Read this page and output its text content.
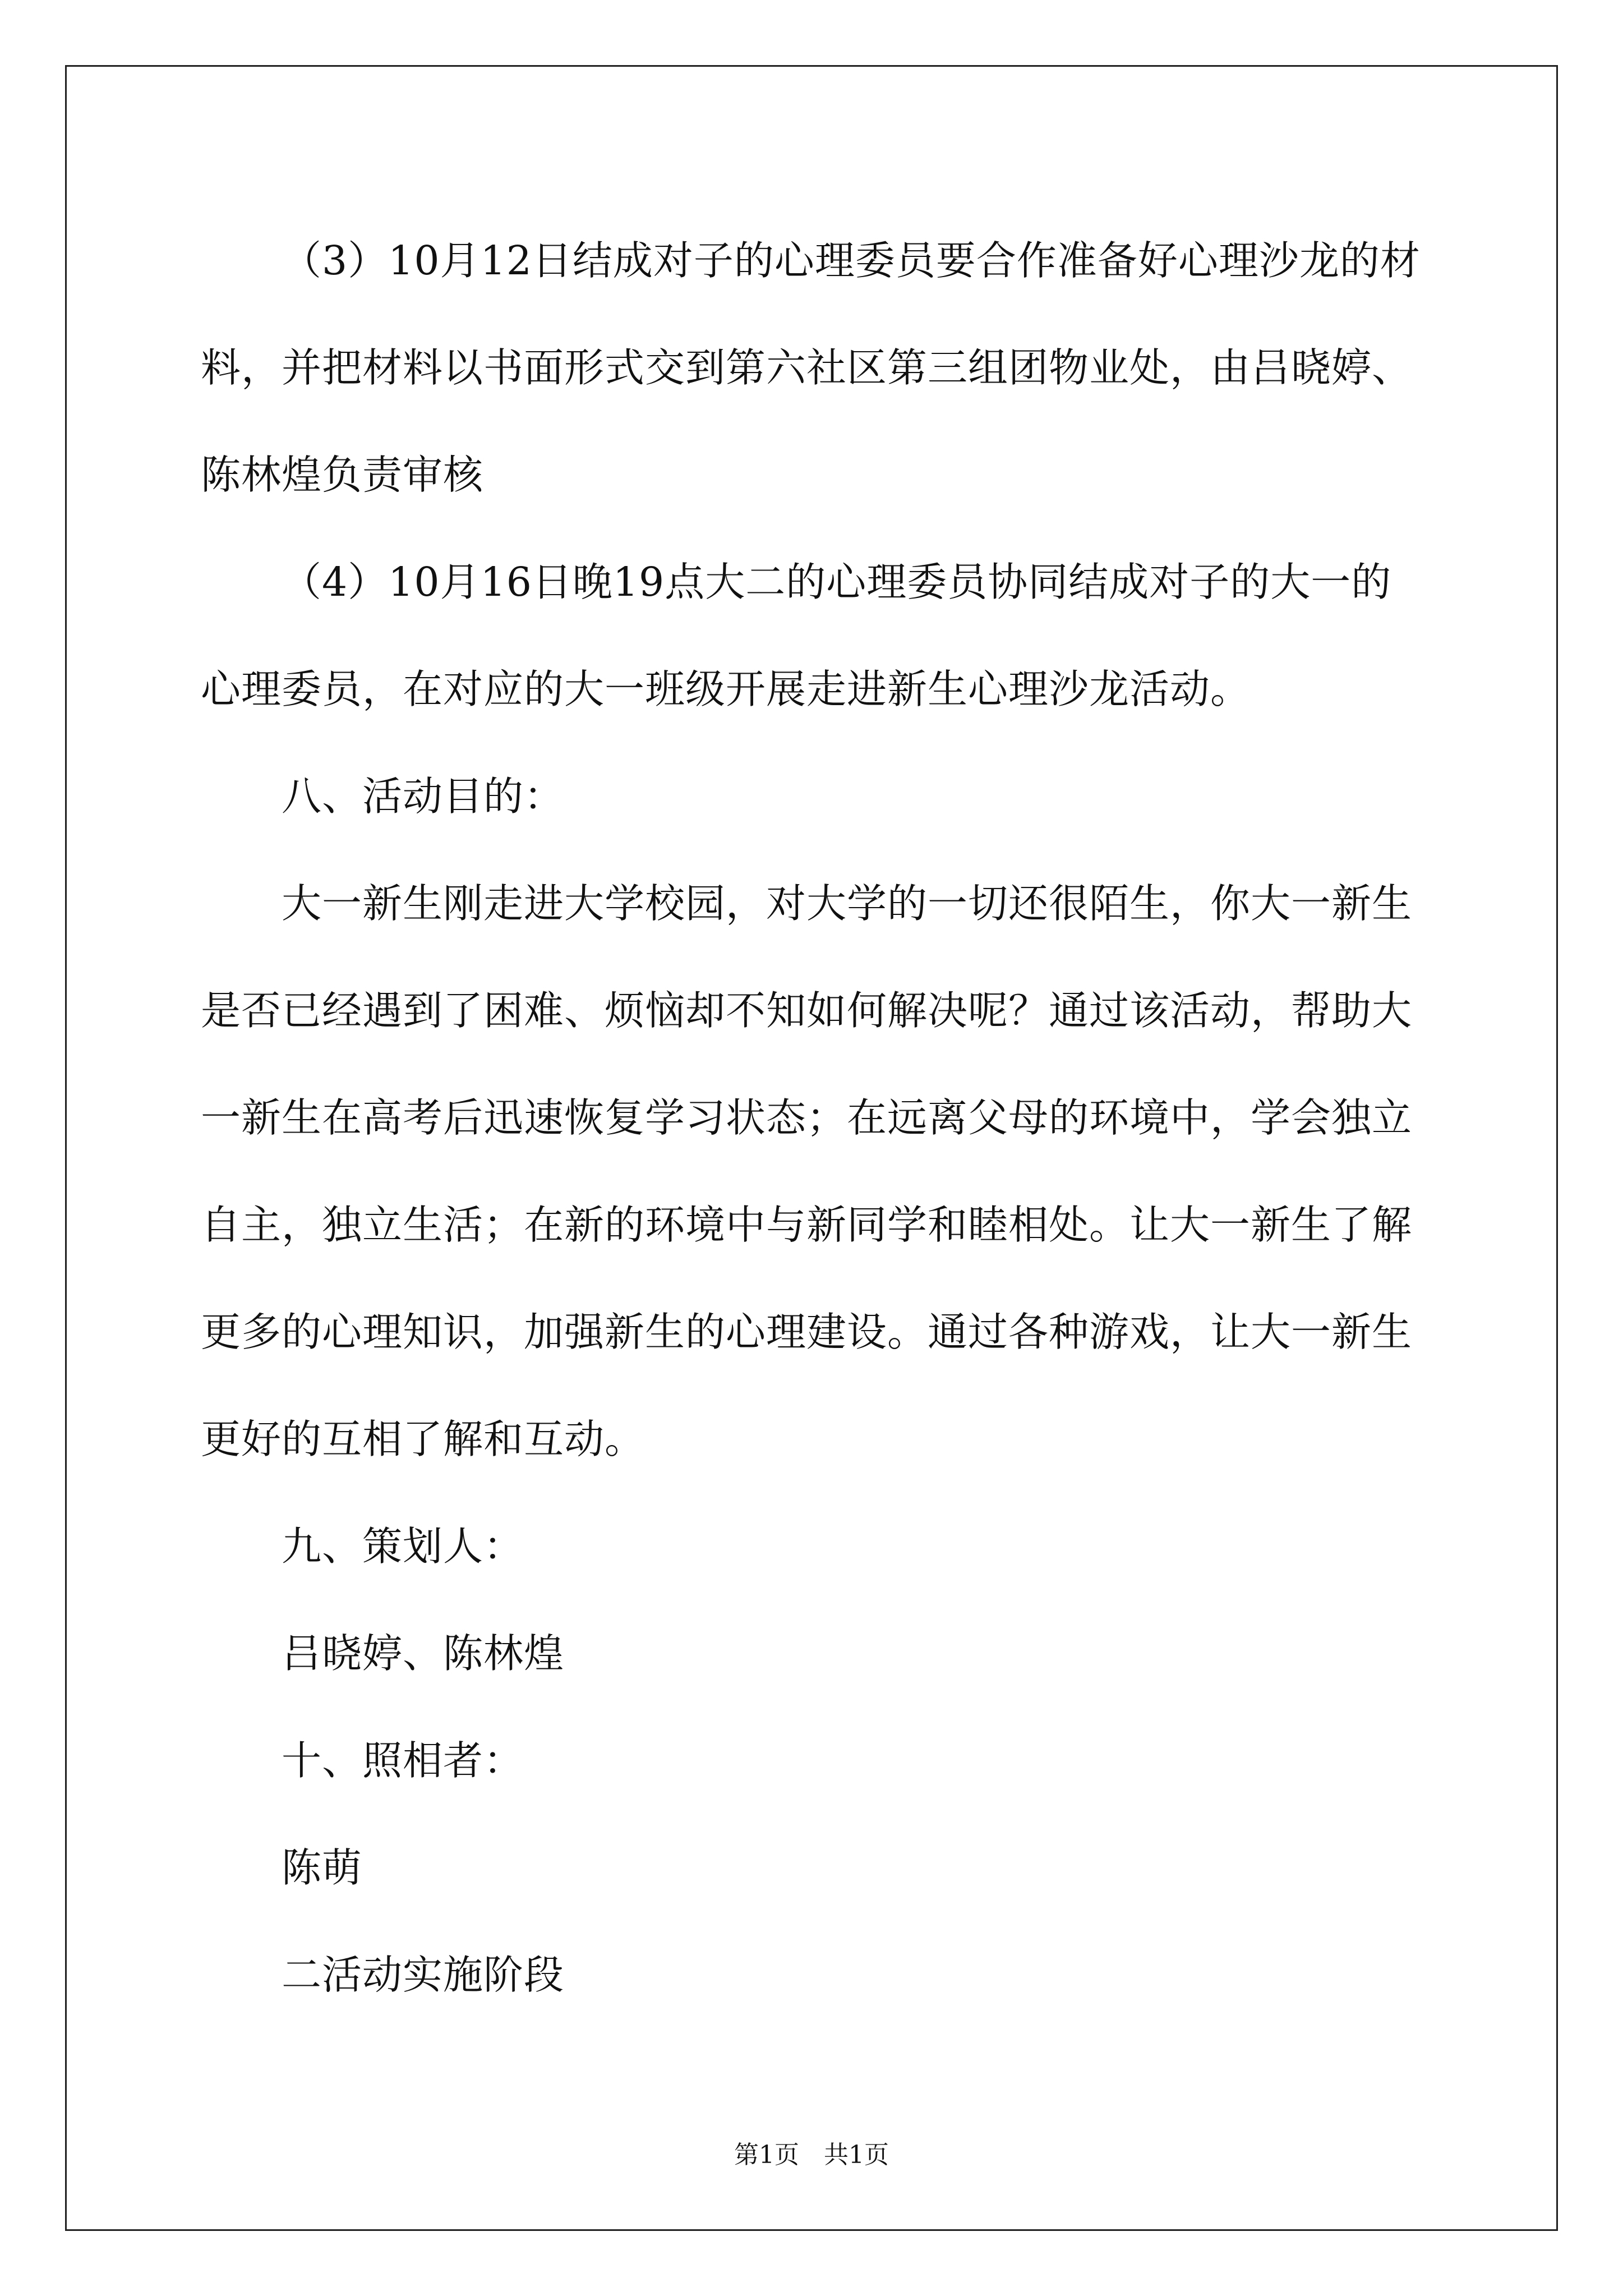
（3）10月12日结成对子的心理委员要合作准备好心理沙龙的材料，并把材料以书面形式交到第六社区第三组团物业处，由吕晓婷、陈林煌负责审核

（4）10月16日晚19点大二的心理委员协同结成对子的大一的心理委员，在对应的大一班级开展走进新生心理沙龙活动。

八、活动目的：

大一新生刚走进大学校园，对大学的一切还很陌生，你大一新生是否已经遇到了困难、烦恼却不知如何解决呢？通过该活动，帮助大一新生在高考后迅速恢复学习状态；在远离父母的环境中，学会独立自主，独立生活；在新的环境中与新同学和睦相处。让大一新生了解更多的心理知识，加强新生的心理建设。通过各种游戏，让大一新生更好的互相了解和互动。

九、策划人：

吕晓婷、陈林煌

十、照相者：

陈萌

二活动实施阶段

第1页　共1页
